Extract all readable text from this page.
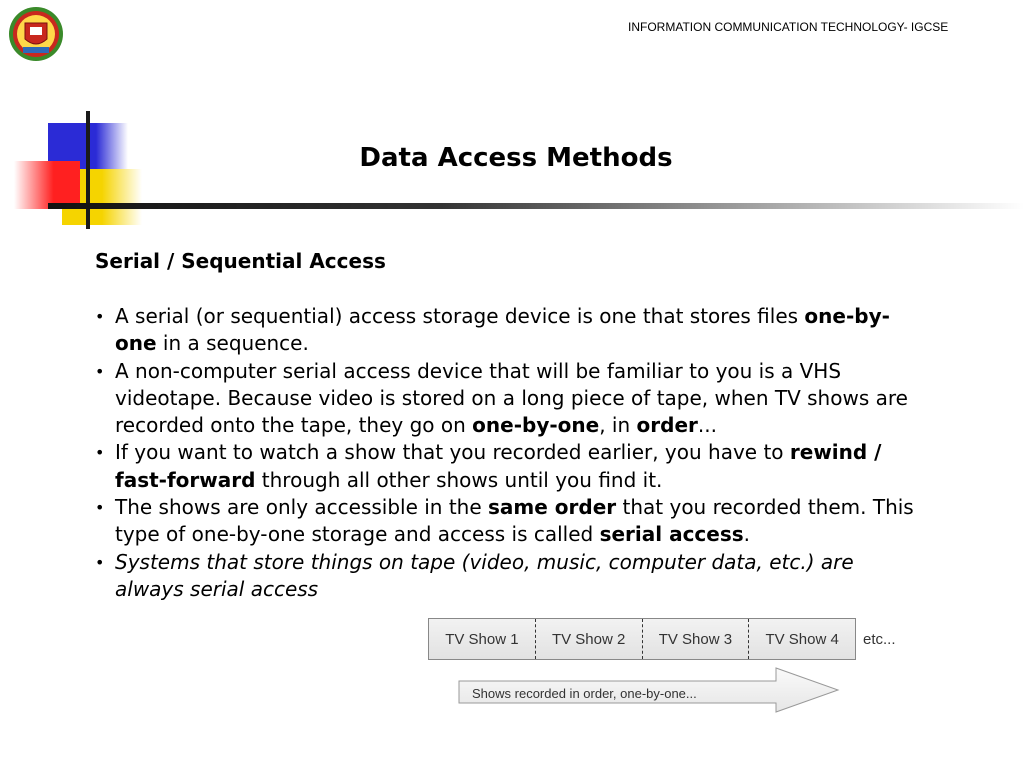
INFORMATION COMMUNICATION TECHNOLOGY- IGCSE
Data Access Methods
Serial / Sequential Access
• A serial (or sequential) access storage device is one that stores files one-by-one in a sequence.
• A non-computer serial access device that will be familiar to you is a VHS videotape. Because video is stored on a long piece of tape, when TV shows are recorded onto the tape, they go on one-by-one, in order...
• If you want to watch a show that you recorded earlier, you have to rewind / fast-forward through all other shows until you find it.
• The shows are only accessible in the same order that you recorded them. This type of one-by-one storage and access is called serial access.
• Systems that store things on tape (video, music, computer data, etc.) are always serial access
TV Show 1	TV Show 2	TV Show 3	TV Show 4	etc...
Shows recorded in order, one-by-one...
